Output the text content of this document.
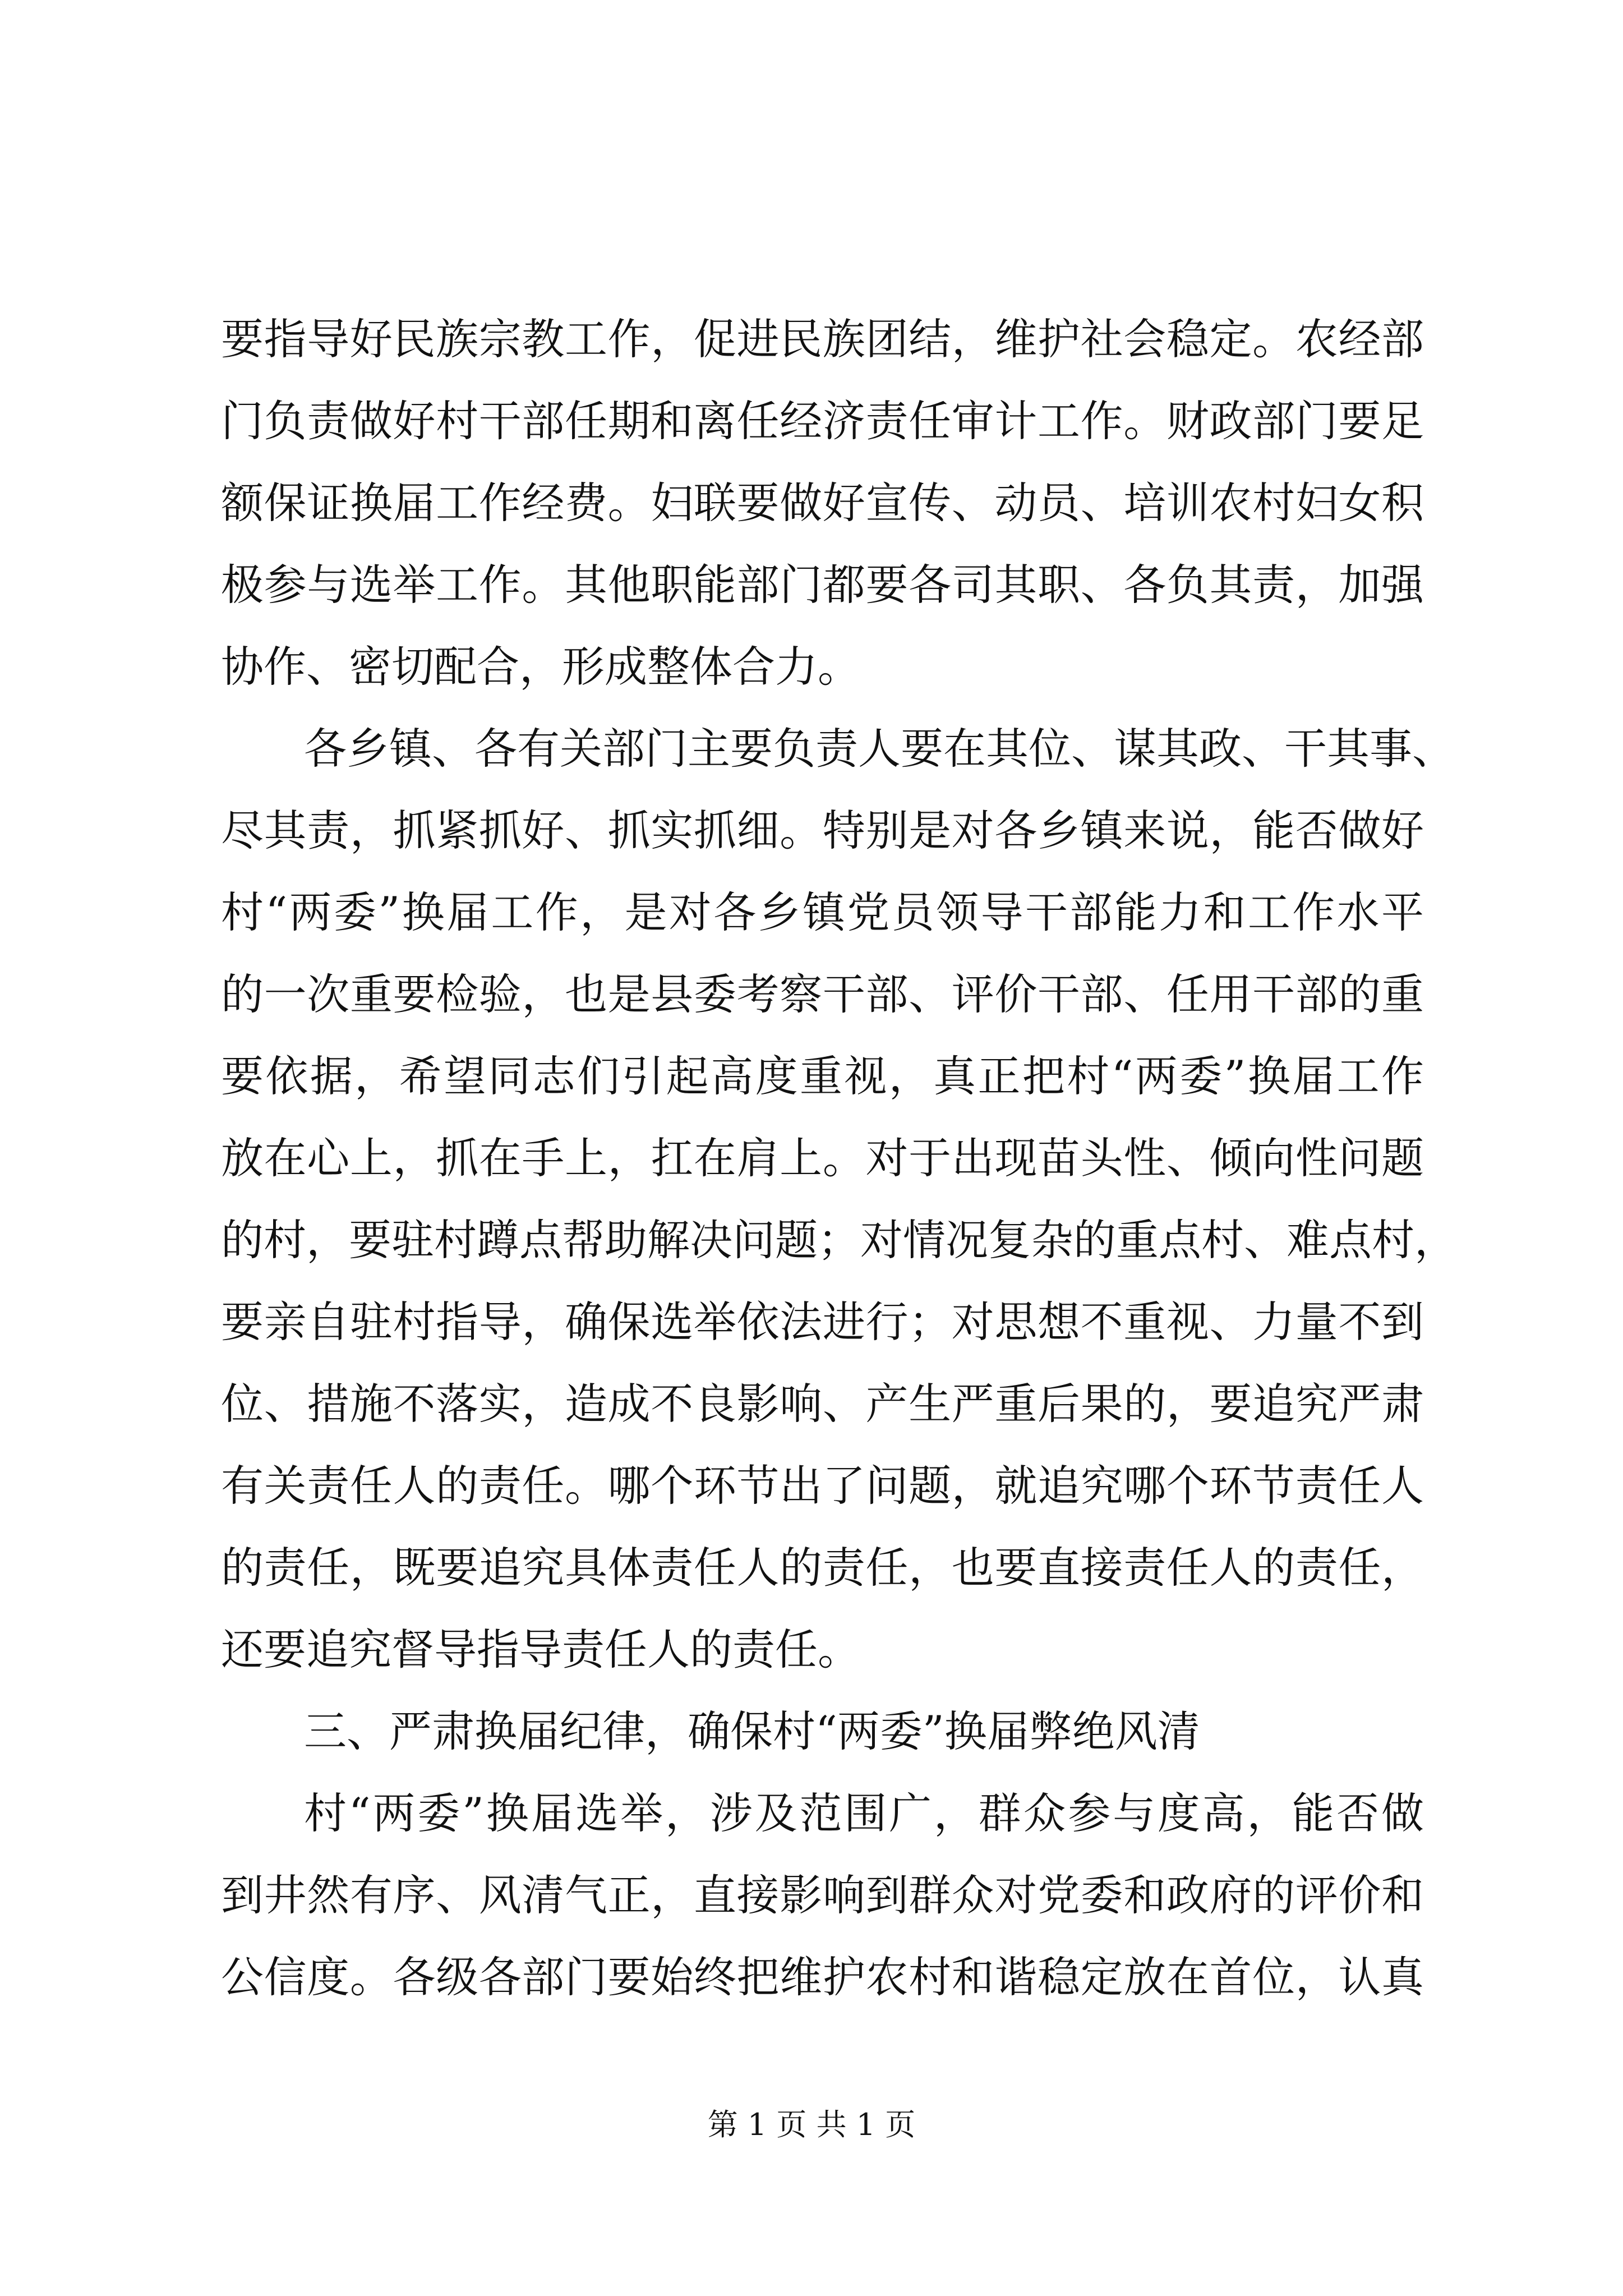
要指导好民族宗教工作，促进民族团结，维护社会稳定。农经部
门负责做好村干部任期和离任经济责任审计工作。财政部门要足
额保证换届工作经费。妇联要做好宣传、动员、培训农村妇女积
极参与选举工作。其他职能部门都要各司其职、各负其责，加强
协作、密切配合，形成整体合力。
各乡镇、各有关部门主要负责人要在其位、谋其政、干其事、
尽其责，抓紧抓好、抓实抓细。特别是对各乡镇来说，能否做好
村“两委”换届工作，是对各乡镇党员领导干部能力和工作水平
的一次重要检验，也是县委考察干部、评价干部、任用干部的重
要依据，希望同志们引起高度重视，真正把村“两委”换届工作
放在心上，抓在手上，扛在肩上。对于出现苗头性、倾向性问题
的村，要驻村蹲点帮助解决问题；对情况复杂的重点村、难点村，
要亲自驻村指导，确保选举依法进行；对思想不重视、力量不到
位、措施不落实，造成不良影响、产生严重后果的，要追究严肃
有关责任人的责任。哪个环节出了问题，就追究哪个环节责任人
的责任，既要追究具体责任人的责任，也要直接责任人的责任，
还要追究督导指导责任人的责任。
三、严肃换届纪律，确保村“两委”换届弊绝风清
村“两委”换届选举，涉及范围广，群众参与度高，能否做
到井然有序、风清气正，直接影响到群众对党委和政府的评价和
公信度。各级各部门要始终把维护农村和谐稳定放在首位，认真
第 1 页 共 1 页
